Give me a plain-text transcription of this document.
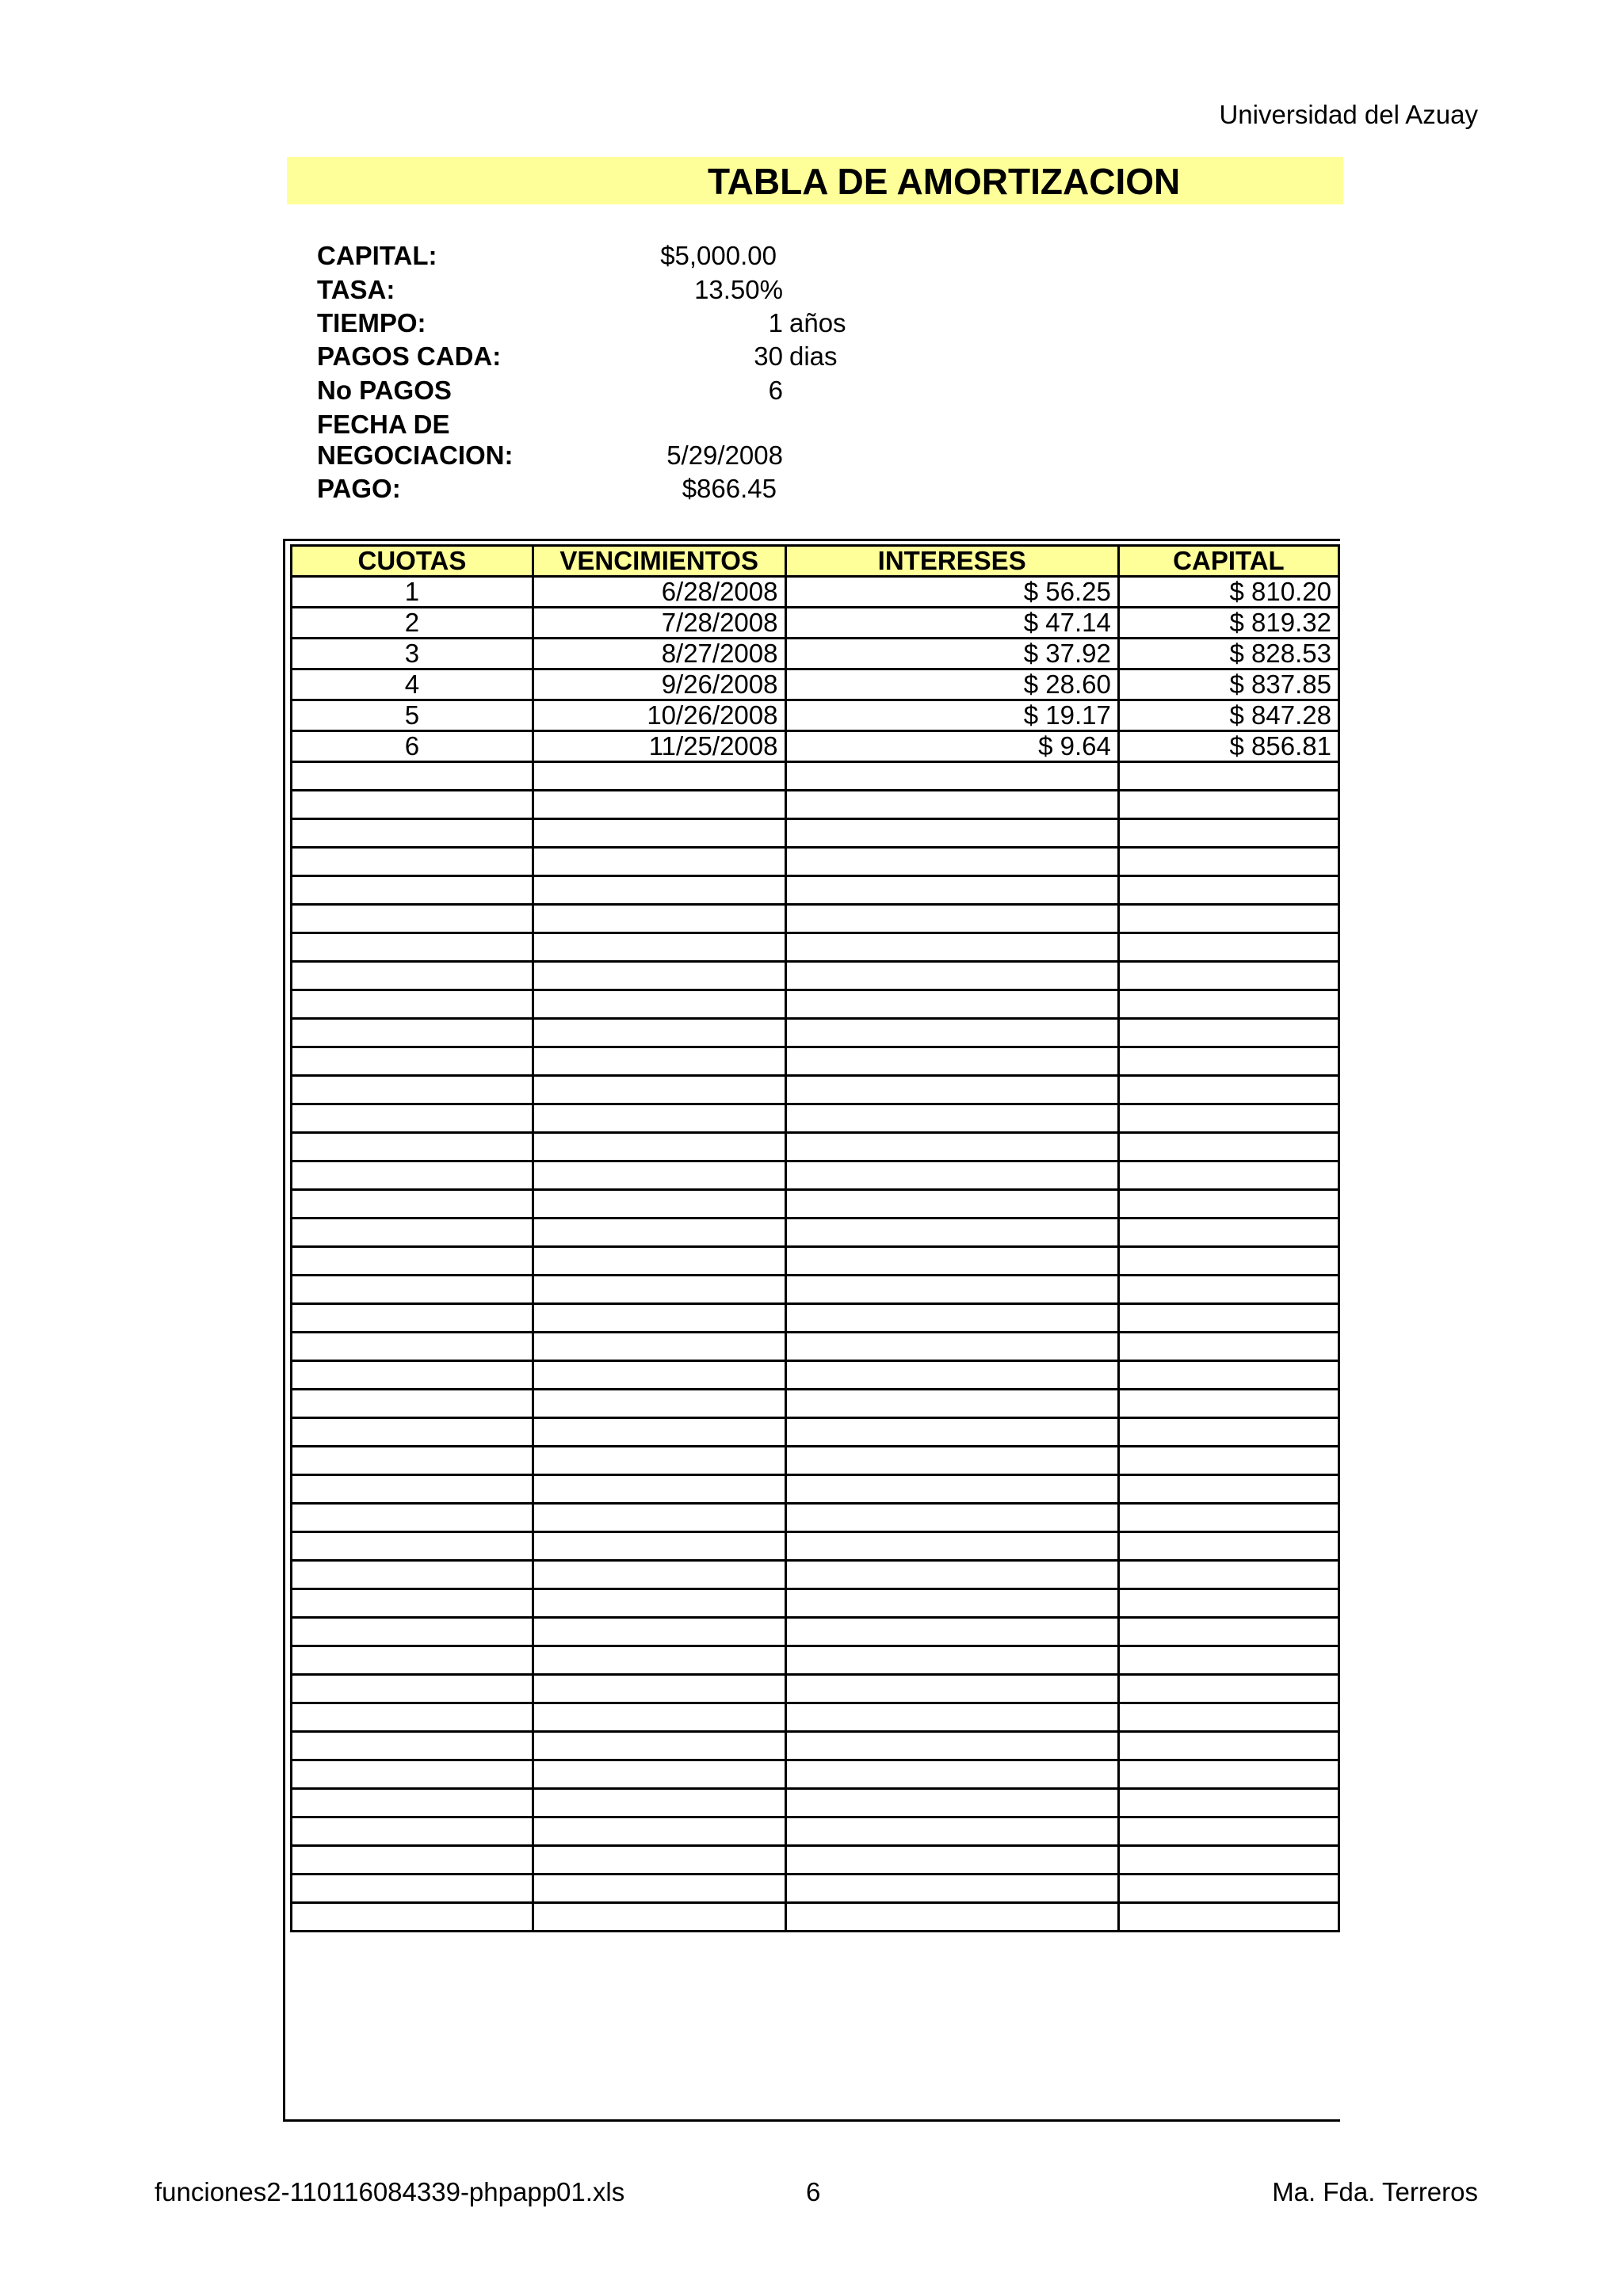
Universidad del Azuay
TABLA DE AMORTIZACION
CAPITAL:	$5,000.00
TASA:	13.50%
TIEMPO:	1 años
PAGOS CADA:	30 dias
No PAGOS	6
FECHA DE
NEGOCIACION:	5/29/2008
PAGO:	$866.45
CUOTAS	VENCIMIENTOS	INTERESES	CAPITAL
1	6/28/2008	$ 56.25	$ 810.20
2	7/28/2008	$ 47.14	$ 819.32
3	8/27/2008	$ 37.92	$ 828.53
4	9/26/2008	$ 28.60	$ 837.85
5	10/26/2008	$ 19.17	$ 847.28
6	11/25/2008	$ 9.64	$ 856.81

funciones2-110116084339-phpapp01.xls	6	Ma. Fda. Terreros
